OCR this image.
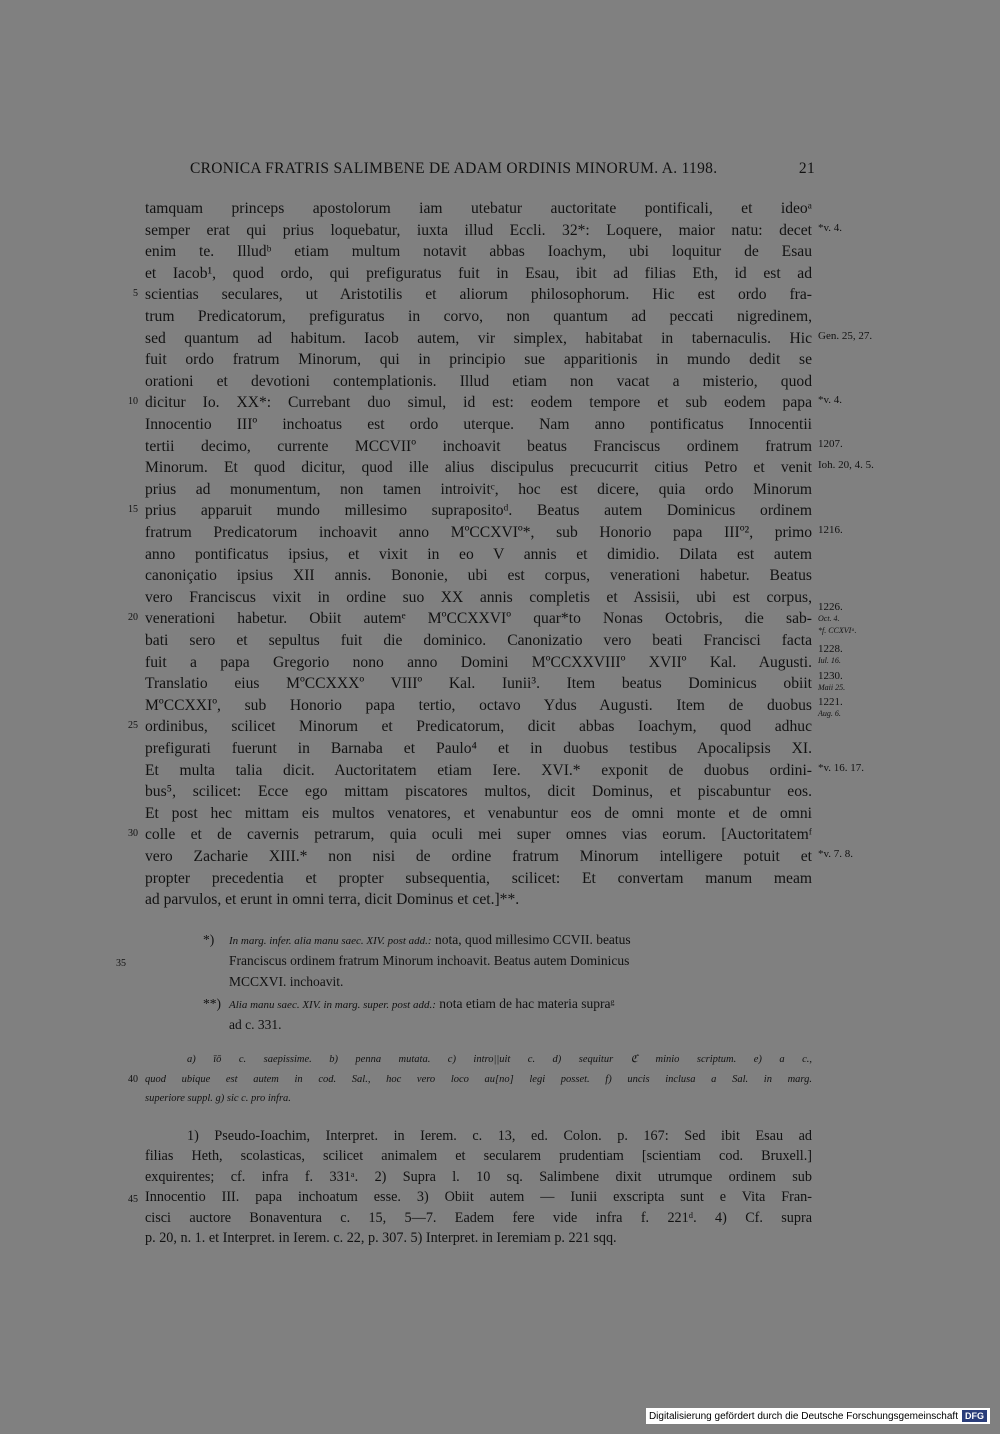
CRONICA FRATRIS SALIMBENE DE ADAM ORDINIS MINORUM. A. 1198.	21
tamquam princeps apostolorum iam utebatur auctoritate pontificali, et ideoᵃ
semper erat qui prius loquebatur, iuxta illud Eccli. 32*: Loquere, maior natu: decet *v. 4.
enim te. Illudᵇ etiam multum notavit abbas Ioachym, ubi loquitur de Esau
et Iacob¹, quod ordo, qui prefiguratus fuit in Esau, ibit ad filias Eth, id est ad
5 scientias seculares, ut Aristotilis et aliorum philosophorum. Hic est ordo fra-
trum Predicatorum, prefiguratus in corvo, non quantum ad peccati nigredinem,
sed quantum ad habitum. Iacob autem, vir simplex, habitabat in tabernaculis. Hic Gen. 25, 27.
fuit ordo fratrum Minorum, qui in principio sue apparitionis in mundo dedit se
orationi et devotioni contemplationis. Illud etiam non vacat a misterio, quod
10 dicitur Io. XX*: Currebant duo simul, id est: eodem tempore et sub eodem papa *v. 4.
Innocentio IIIº inchoatus est ordo uterque. Nam anno pontificatus Innocentii
tertii decimo, currente MCCVIIº inchoavit beatus Franciscus ordinem fratrum 1207.
Minorum. Et quod dicitur, quod ille alius discipulus precucurrit citius Petro et venit Ioh. 20, 4. 5.
prius ad monumentum, non tamen introivitᶜ, hoc est dicere, quia ordo Minorum
15 prius apparuit mundo millesimo suprapositoᵈ. Beatus autem Dominicus ordinem
fratrum Predicatorum inchoavit anno MºCCXVIº*, sub Honorio papa IIIº², primo 1216.
anno pontificatus ipsius, et vixit in eo V annis et dimidio. Dilata est autem
canoniçatio ipsius XII annis. Bononie, ubi est corpus, venerationi habetur. Beatus
vero Franciscus vixit in ordine suo XX annis completis et Assisii, ubi est corpus,
20 venerationi habetur. Obiit autemᵉ MºCCXXVIº quar*to Nonas Octobris, die sab-
bati sero et sepultus fuit die dominico. Canonizatio vero beati Francisci facta
fuit a papa Gregorio nono anno Domini MºCCXXVIIIº XVIIº Kal. Augusti.
Translatio eius MºCCXXXº VIIIº Kal. Iunii³. Item beatus Dominicus obiit
MºCCXXIº, sub Honorio papa tertio, octavo Ydus Augusti. Item de duobus
25 ordinibus, scilicet Minorum et Predicatorum, dicit abbas Ioachym, quod adhuc
prefigurati fuerunt in Barnaba et Paulo⁴ et in duobus testibus Apocalipsis XI.
Et multa talia dicit. Auctoritatem etiam Iere. XVI.* exponit de duobus ordini- *v. 16. 17.
bus⁵, scilicet: Ecce ego mittam piscatores multos, dicit Dominus, et piscabuntur eos.
Et post hec mittam eis multos venatores, et venabuntur eos de omni monte et de omni
30 colle et de cavernis petrarum, quia oculi mei super omnes vias eorum. [Auctoritatemᶠ
vero Zacharie XIII.* non nisi de ordine fratrum Minorum intelligere potuit et *v. 7. 8.
propter precedentia et propter subsequentia, scilicet: Et convertam manum meam
ad parvulos, et erunt in omni terra, dicit Dominus et cet.]**.
1226.
Oct. 4.
*f. CCXVIᵃ.
1228.
Iul. 16.
1230.
Maii 25.
1221.
Aug. 6.
*) In marg. infer. alia manu saec. XIV. post add.: nota, quod millesimo CCVII. beatus
35	Franciscus ordinem fratrum Minorum inchoavit. Beatus autem Dominicus
MCCXVI. inchoavit.
**) Alia manu saec. XIV. in marg. super. post add.: nota etiam de hac materia supraᵍ
ad c. 331.
a) īō c. saepissime. b) penna mutata. c) intro||uit c. d) sequitur ℭ minio scriptum. e) a c.,
40 quod ubique est autem in cod. Sal., hoc vero loco au[no] legi posset. f) uncis inclusa a Sal. in marg.
superiore suppl. g) sic c. pro infra.
1) Pseudo-Ioachim, Interpret. in Ierem. c. 13, ed. Colon. p. 167: Sed ibit Esau ad
filias Heth, scolasticas, scilicet animalem et secularem prudentiam [scientiam cod. Bruxell.]
exquirentes; cf. infra f. 331ᵃ. 2) Supra l. 10 sq. Salimbene dixit utrumque ordinem sub
45 Innocentio III. papa inchoatum esse. 3) Obiit autem — Iunii exscripta sunt e Vita Fran-
cisci auctore Bonaventura c. 15, 5—7. Eadem fere vide infra f. 221ᵈ. 4) Cf. supra
p. 20, n. 1. et Interpret. in Ierem. c. 22, p. 307. 5) Interpret. in Ieremiam p. 221 sqq.
Digitalisierung gefördert durch die Deutsche Forschungsgemeinschaft DFG
